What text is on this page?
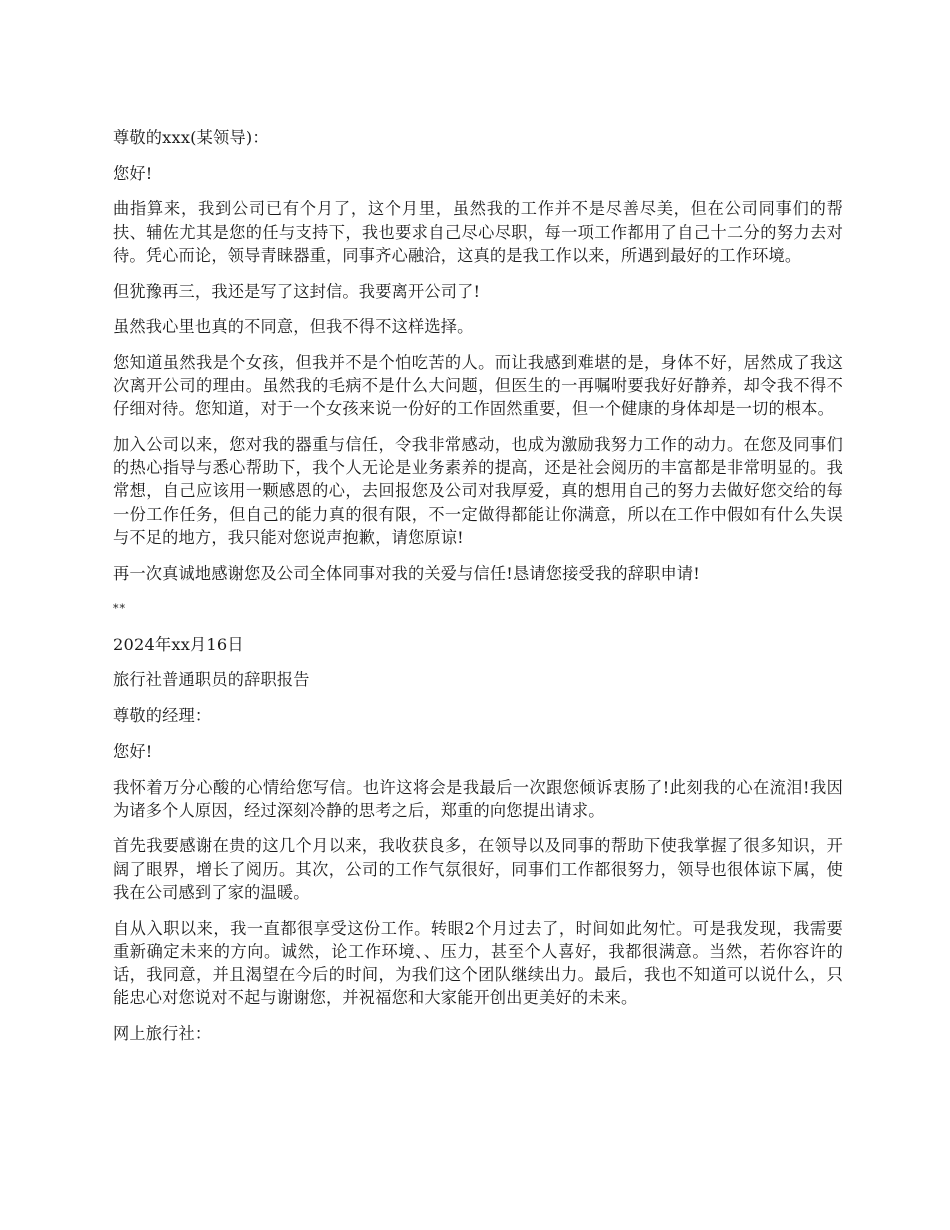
尊敬的xxx(某领导)：

您好!

曲指算来，我到公司已有个月了，这个月里，虽然我的工作并不是尽善尽美，但在公司同事们的帮扶、辅佐尤其是您的任与支持下，我也要求自己尽心尽职，每一项工作都用了自己十二分的努力去对待。凭心而论，领导青睐器重，同事齐心融洽，这真的是我工作以来，所遇到最好的工作环境。

但犹豫再三，我还是写了这封信。我要离开公司了!

虽然我心里也真的不同意，但我不得不这样选择。

您知道虽然我是个女孩，但我并不是个怕吃苦的人。而让我感到难堪的是，身体不好，居然成了我这次离开公司的理由。虽然我的毛病不是什么大问题，但医生的一再嘱咐要我好好静养，却令我不得不仔细对待。您知道，对于一个女孩来说一份好的工作固然重要，但一个健康的身体却是一切的根本。

加入公司以来，您对我的器重与信任，令我非常感动，也成为激励我努力工作的动力。在您及同事们的热心指导与悉心帮助下，我个人无论是业务素养的提高，还是社会阅历的丰富都是非常明显的。我常想，自己应该用一颗感恩的心，去回报您及公司对我厚爱，真的想用自己的努力去做好您交给的每一份工作任务，但自己的能力真的很有限，不一定做得都能让你满意，所以在工作中假如有什么失误与不足的地方，我只能对您说声抱歉，请您原谅!

再一次真诚地感谢您及公司全体同事对我的关爱与信任!恳请您接受我的辞职申请!

**

2024年xx月16日

旅行社普通职员的辞职报告

尊敬的经理：

您好!

我怀着万分心酸的心情给您写信。也许这将会是我最后一次跟您倾诉衷肠了!此刻我的心在流泪!我因为诸多个人原因，经过深刻冷静的思考之后，郑重的向您提出请求。

首先我要感谢在贵的这几个月以来，我收获良多，在领导以及同事的帮助下使我掌握了很多知识，开阔了眼界，增长了阅历。其次，公司的工作气氛很好，同事们工作都很努力，领导也很体谅下属，使我在公司感到了家的温暖。

自从入职以来，我一直都很享受这份工作。转眼2个月过去了，时间如此匆忙。可是我发现，我需要重新确定未来的方向。诚然，论工作环境、、压力，甚至个人喜好，我都很满意。当然，若你容许的话，我同意，并且渴望在今后的时间，为我们这个团队继续出力。最后，我也不知道可以说什么，只能忠心对您说对不起与谢谢您，并祝福您和大家能开创出更美好的未来。

网上旅行社：
